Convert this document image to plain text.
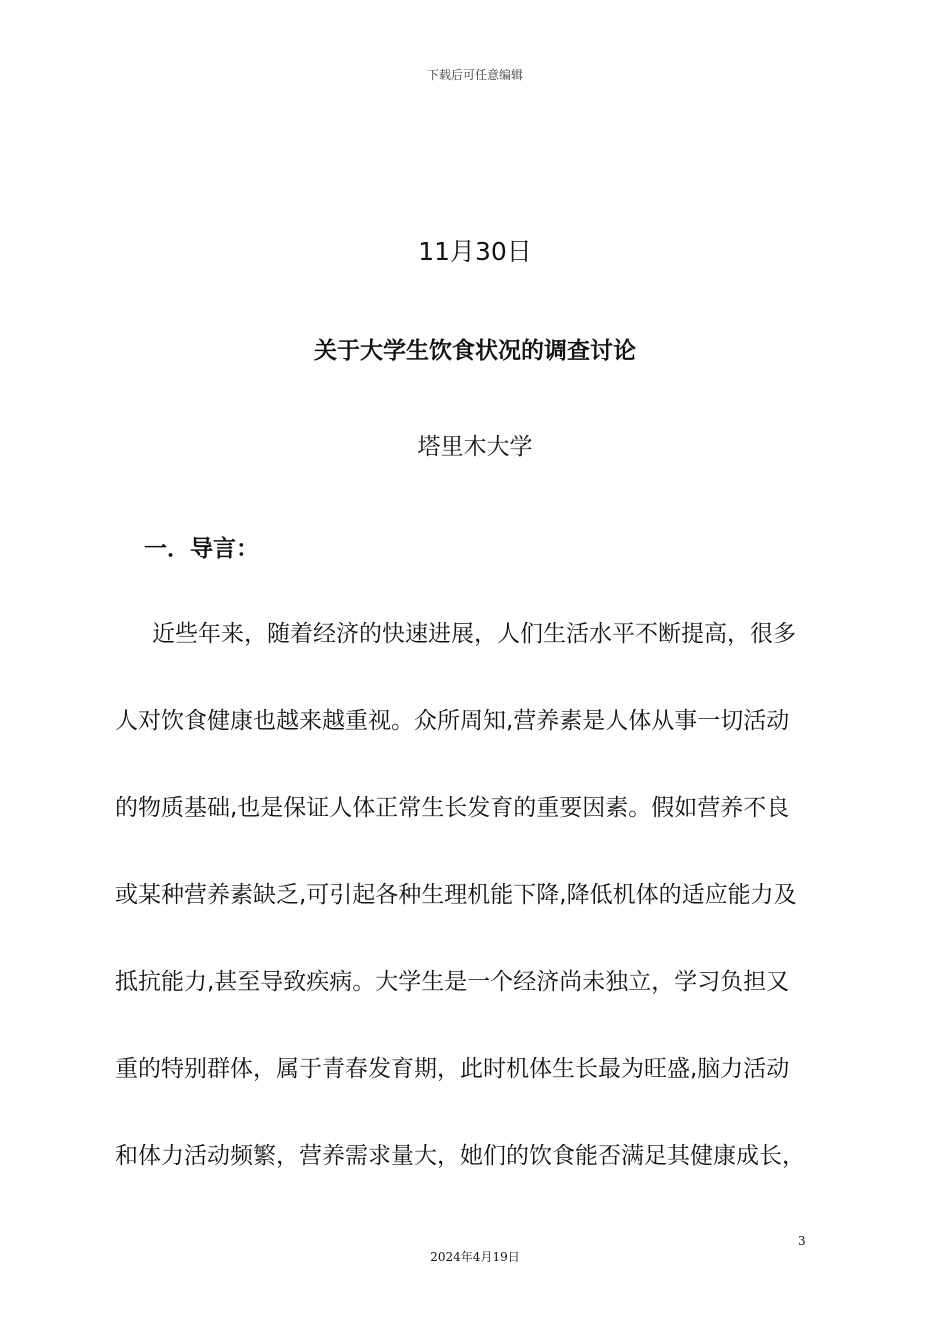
下载后可任意编辑
11月30日
关于大学生饮食状况的调查讨论
塔里木大学
一．导言：
近些年来，随着经济的快速进展，人们生活水平不断提高，很多
人对饮食健康也越来越重视。众所周知,营养素是人体从事一切活动
的物质基础,也是保证人体正常生长发育的重要因素。假如营养不良
或某种营养素缺乏,可引起各种生理机能下降,降低机体的适应能力及
抵抗能力,甚至导致疾病。大学生是一个经济尚未独立，学习负担又
重的特别群体，属于青春发育期，此时机体生长最为旺盛,脑力活动
和体力活动频繁，营养需求量大，她们的饮食能否满足其健康成长，
3
2024年4月19日
